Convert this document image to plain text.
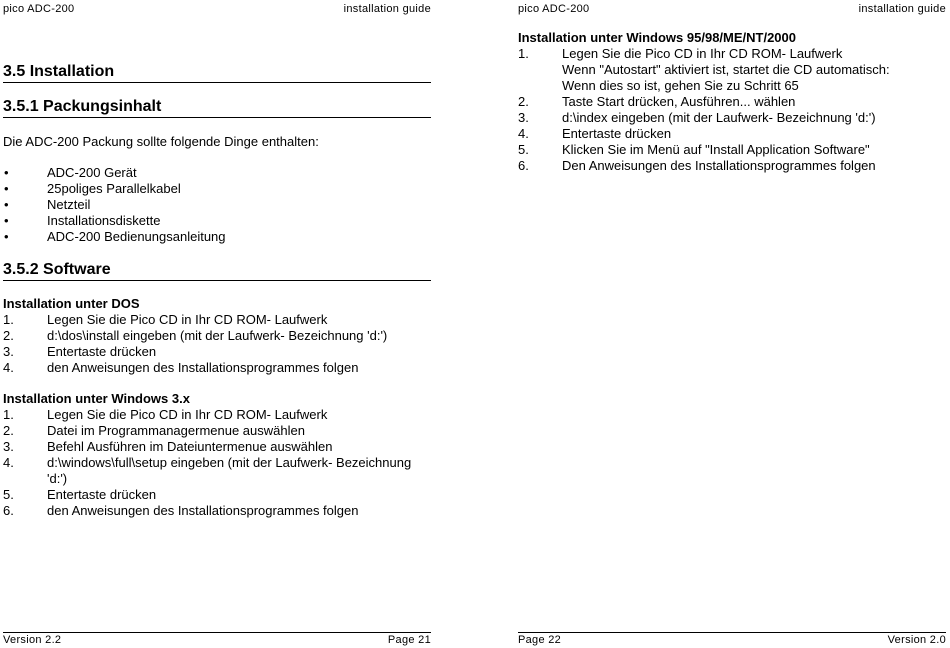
pico ADC-200	installation guide
3.5 Installation
3.5.1 Packungsinhalt
Die ADC-200 Packung sollte folgende Dinge enthalten:
•	ADC-200 Gerät
•	25poliges Parallelkabel
•	Netzteil
•	Installationsdiskette
•	ADC-200 Bedienungsanleitung
3.5.2 Software
Installation unter DOS
1.	Legen Sie die Pico CD in Ihr CD ROM- Laufwerk
2.	d:\dos\install eingeben (mit der Laufwerk- Bezeichnung 'd:')
3.	Entertaste drücken
4.	den Anweisungen des Installationsprogrammes folgen
Installation unter Windows 3.x
1.	Legen Sie die Pico CD in Ihr CD ROM- Laufwerk
2.	Datei im Programmanagermenue auswählen
3.	Befehl Ausführen im Dateiuntermenue auswählen
4.	d:\windows\full\setup eingeben (mit der Laufwerk- Bezeichnung 'd:')
5.	Entertaste drücken
6.	den Anweisungen des Installationsprogrammes folgen
Version 2.2	Page 21
pico ADC-200	installation guide
Installation unter Windows 95/98/ME/NT/2000
1.	Legen Sie die Pico CD in Ihr CD ROM- Laufwerk
Wenn "Autostart" aktiviert ist, startet die CD automatisch:
Wenn dies so ist, gehen Sie zu Schritt 65
2.	Taste Start drücken, Ausführen... wählen
3.	d:\index eingeben (mit der Laufwerk- Bezeichnung 'd:')
4.	Entertaste drücken
5.	Klicken Sie im Menü auf "Install Application Software"
6.	Den Anweisungen des Installationsprogrammes folgen
Page 22	Version 2.0
